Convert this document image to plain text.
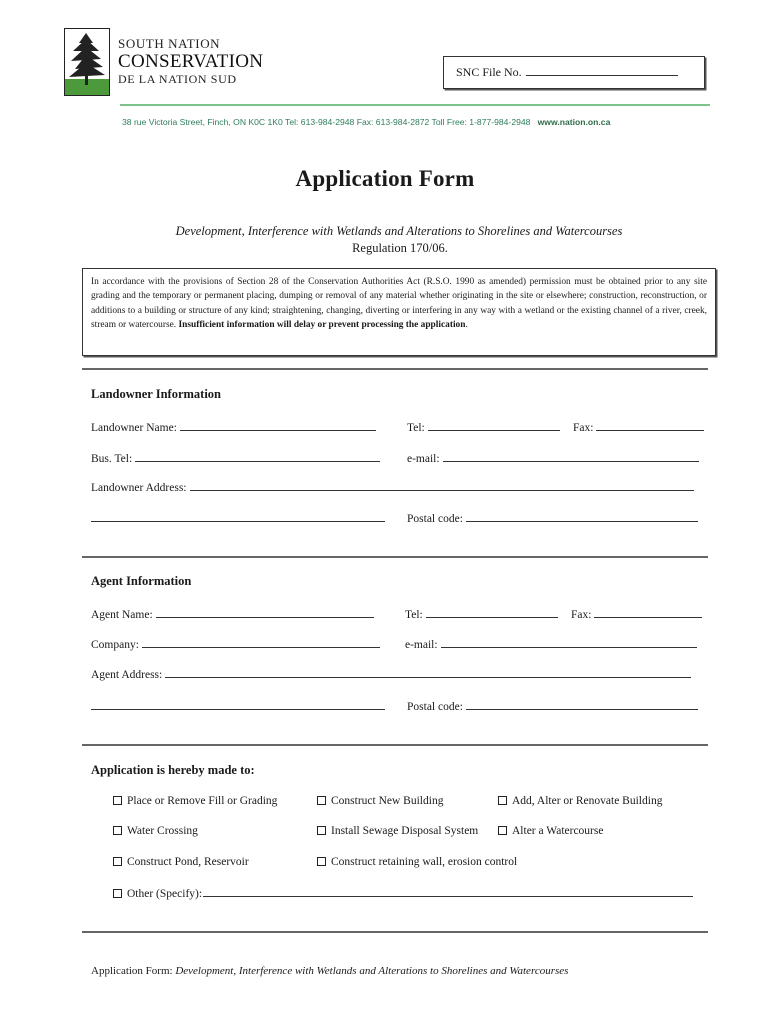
SOUTH NATION
CONSERVATION
DE LA NATION SUD	SNC File No.
38 rue Victoria Street, Finch, ON K0C 1K0 Tel: 613-984-2948 Fax: 613-984-2872 Toll Free: 1-877-984-2948 www.nation.on.ca
Application Form
Development, Interference with Wetlands and Alterations to Shorelines and Watercourses
Regulation 170/06.
In accordance with the provisions of Section 28 of the Conservation Authorities Act (R.S.O. 1990 as amended) permission must be obtained prior to any site grading and the temporary or permanent placing, dumping or removal of any material whether originating in the site or elsewhere; construction, reconstruction, or additions to a building or structure of any kind; straightening, changing, diverting or interfering in any way with a wetland or the existing channel of a river, creek, stream or watercourse. Insufficient information will delay or prevent processing the application.
Landowner Information
Landowner Name:	Tel:	Fax:
Bus. Tel:	e-mail:
Landowner Address:
Postal code:
Agent Information
Agent Name:	Tel:	Fax:
Company:	e-mail:
Agent Address:
Postal code:
Application is hereby made to:
Place or Remove Fill or Grading	Construct New Building	Add, Alter or Renovate Building
Water Crossing	Install Sewage Disposal System	Alter a Watercourse
Construct Pond, Reservoir	Construct retaining wall, erosion control
Other (Specify):
Application Form: Development, Interference with Wetlands and Alterations to Shorelines and Watercourses
